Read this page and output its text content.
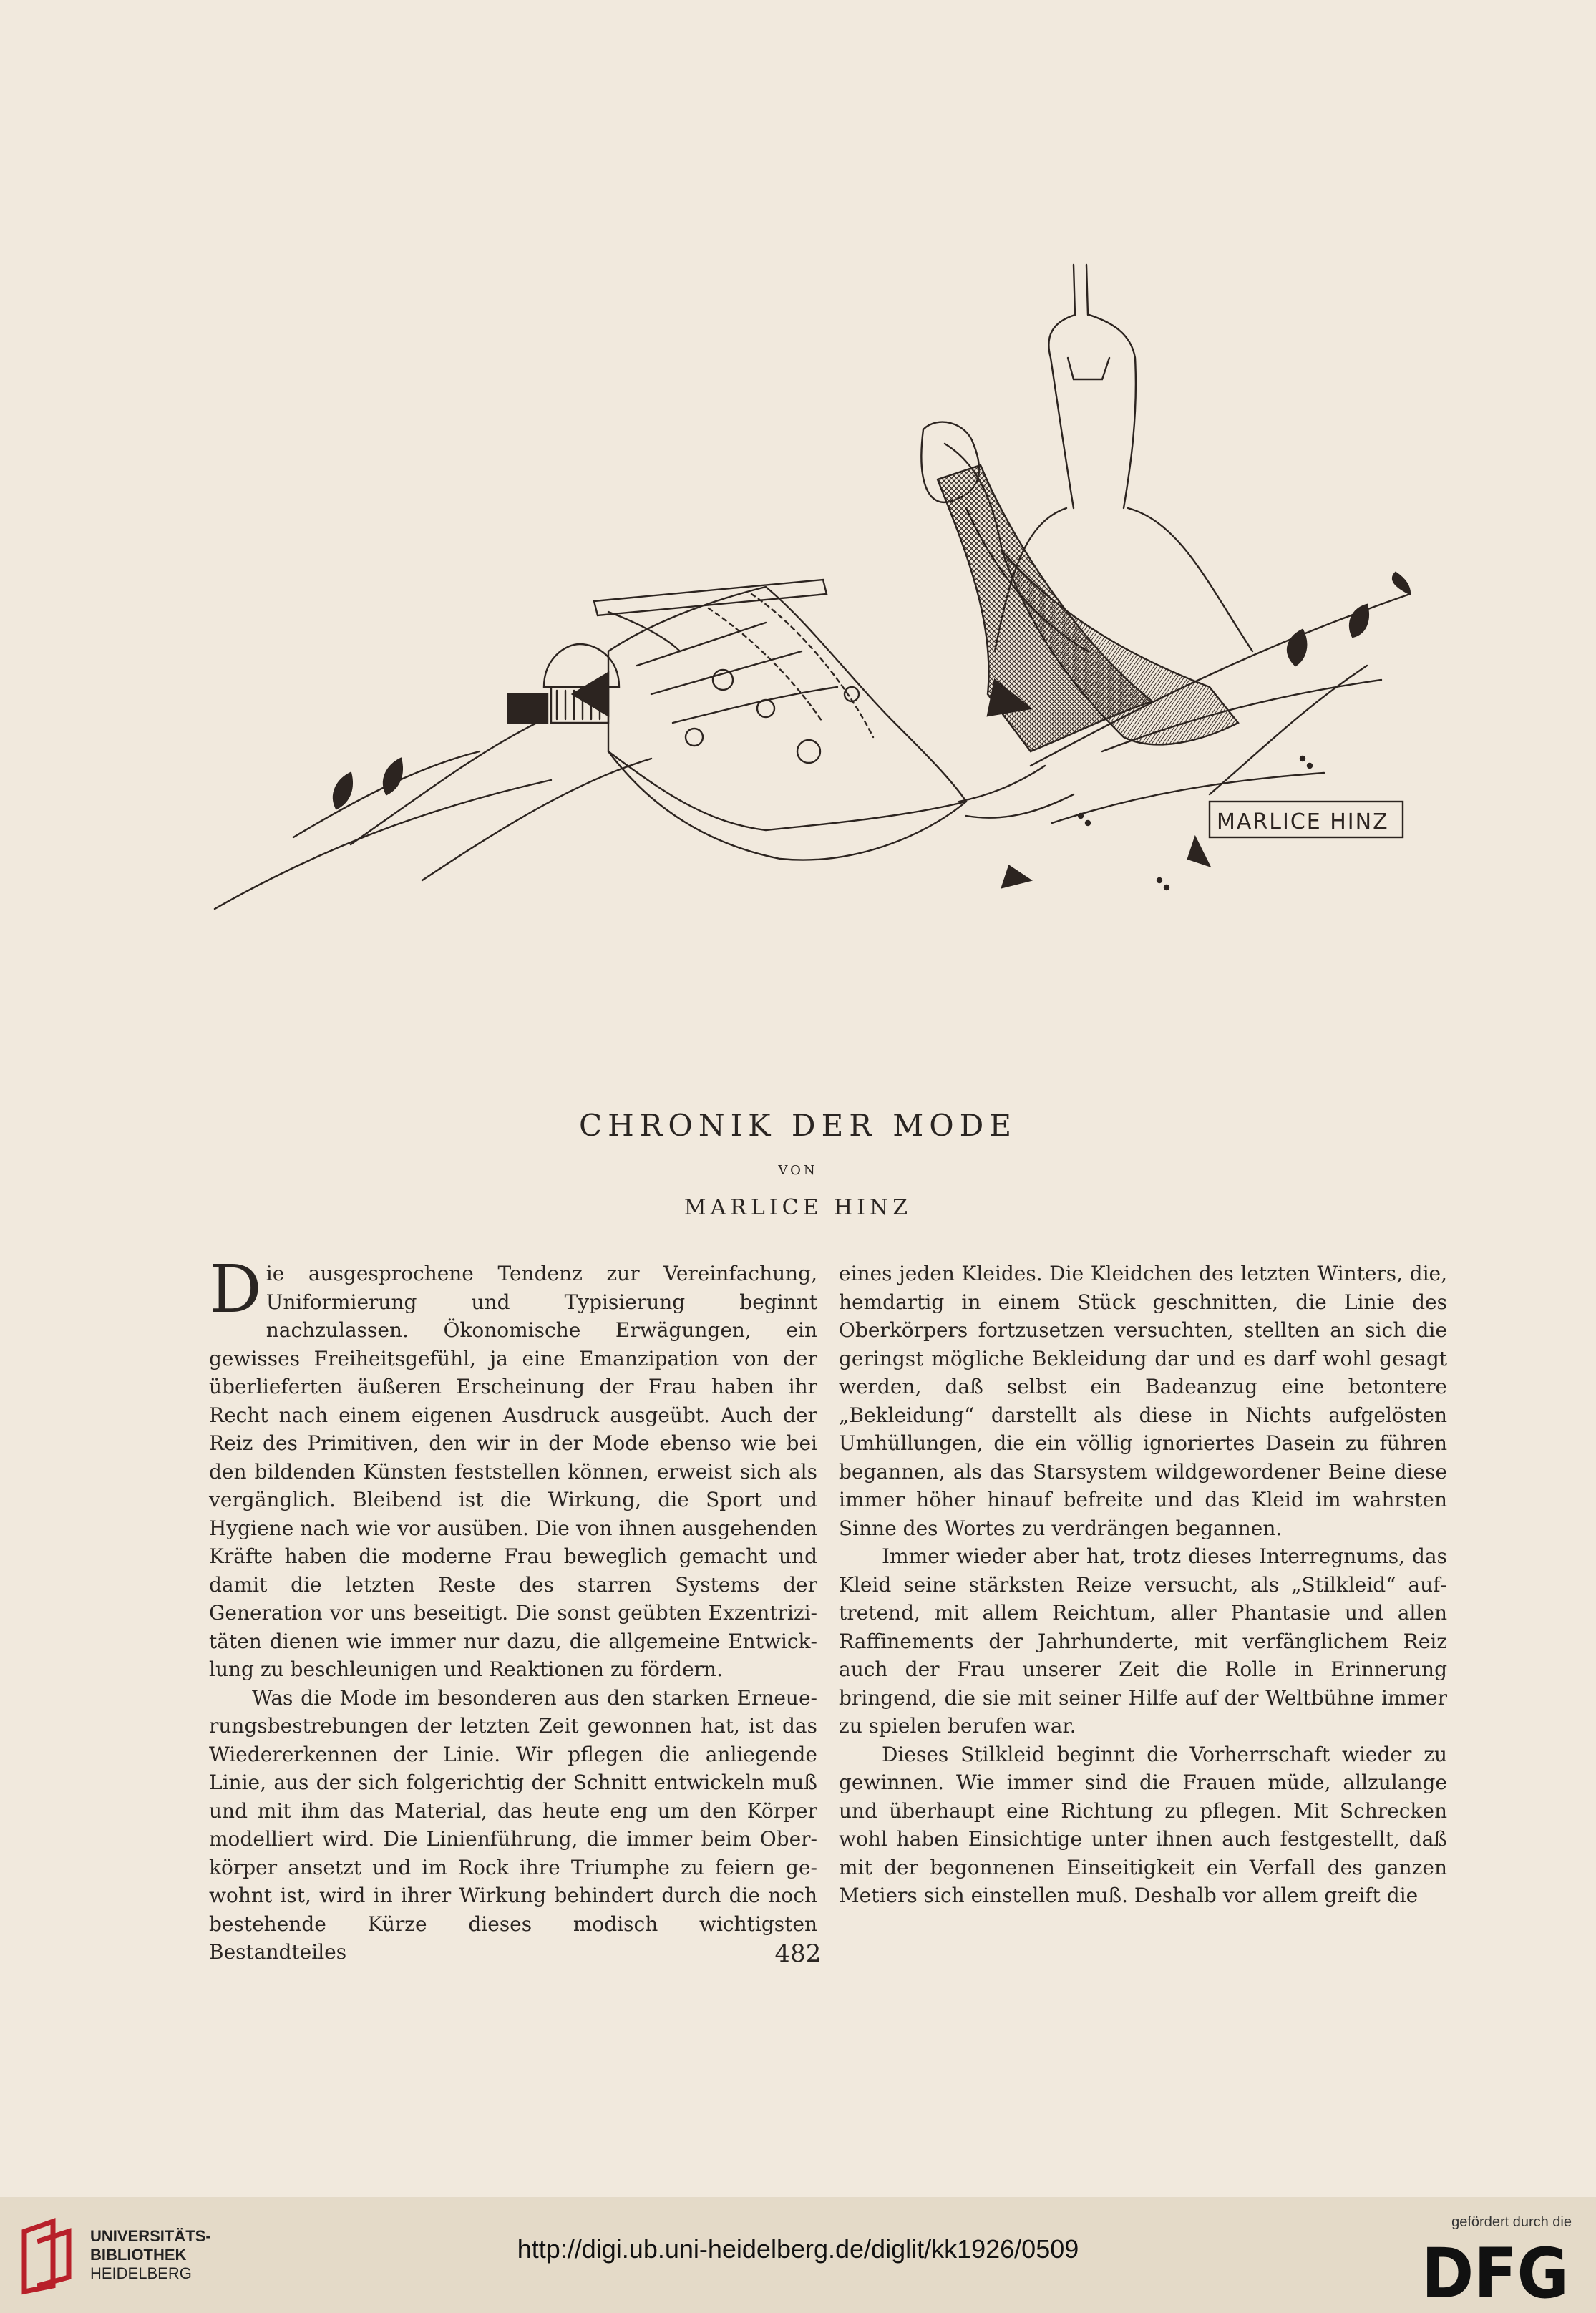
MARLICE HINZ
CHRONIK DER MODE
VON
MARLICE HINZ

Die ausgesprochene Tendenz zur Vereinfachung, Uniformierung und Typisierung beginnt nachzulassen. Ökonomische Erwägungen, ein gewisses Freiheitsgefühl, ja eine Emanzipation von der überlieferten äußeren Erscheinung der Frau haben ihr Recht nach einem eigenen Ausdruck ausgeübt. Auch der Reiz des Primitiven, den wir in der Mode ebenso wie bei den bildenden Künsten feststellen können, erweist sich als vergänglich. Bleibend ist die Wirkung, die Sport und Hygiene nach wie vor ausüben. Die von ihnen ausgehenden Kräfte haben die moderne Frau beweglich gemacht und damit die letzten Reste des starren Systems der Generation vor uns beseitigt. Die sonst geübten Exzentrizitäten dienen wie immer nur dazu, die allgemeine Entwicklung zu beschleunigen und Reaktionen zu fördern.

Was die Mode im besonderen aus den starken Erneuerungsbestrebungen der letzten Zeit gewonnen hat, ist das Wiedererkennen der Linie. Wir pflegen die anliegende Linie, aus der sich folgerichtig der Schnitt entwickeln muß und mit ihm das Material, das heute eng um den Körper modelliert wird. Die Linienführung, die immer beim Oberkörper ansetzt und im Rock ihre Triumphe zu feiern gewohnt ist, wird in ihrer Wirkung behindert durch die noch bestehende Kürze dieses modisch wichtigsten Bestandteiles

eines jeden Kleides. Die Kleidchen des letzten Winters, die, hemdartig in einem Stück geschnitten, die Linie des Oberkörpers fortzusetzen versuchten, stellten an sich die geringst mögliche Bekleidung dar und es darf wohl gesagt werden, daß selbst ein Badeanzug eine betontere „Bekleidung“ darstellt als diese in Nichts aufgelösten Umhüllungen, die ein völlig ignoriertes Dasein zu führen begannen, als das Starsystem wildgewordener Beine diese immer höher hinauf befreite und das Kleid im wahrsten Sinne des Wortes zu verdrängen begannen.

Immer wieder aber hat, trotz dieses Interregnums, das Kleid seine stärksten Reize versucht, als „Stilkleid“ auftretend, mit allem Reichtum, aller Phantasie und allen Raffinements der Jahrhunderte, mit verfänglichem Reiz auch der Frau unserer Zeit die Rolle in Erinnerung bringend, die sie mit seiner Hilfe auf der Weltbühne immer zu spielen berufen war.

Dieses Stilkleid beginnt die Vorherrschaft wieder zu gewinnen. Wie immer sind die Frauen müde, allzulange und überhaupt eine Richtung zu pflegen. Mit Schrecken wohl haben Einsichtige unter ihnen auch festgestellt, daß mit der begonnenen Einseitigkeit ein Verfall des ganzen Metiers sich einstellen muß. Deshalb vor allem greift die

482
UNIVERSITÄTS-
BIBLIOTHEK
HEIDELBERG
http://digi.ub.uni-heidelberg.de/diglit/kk1926/0509
gefördert durch die
DFG
